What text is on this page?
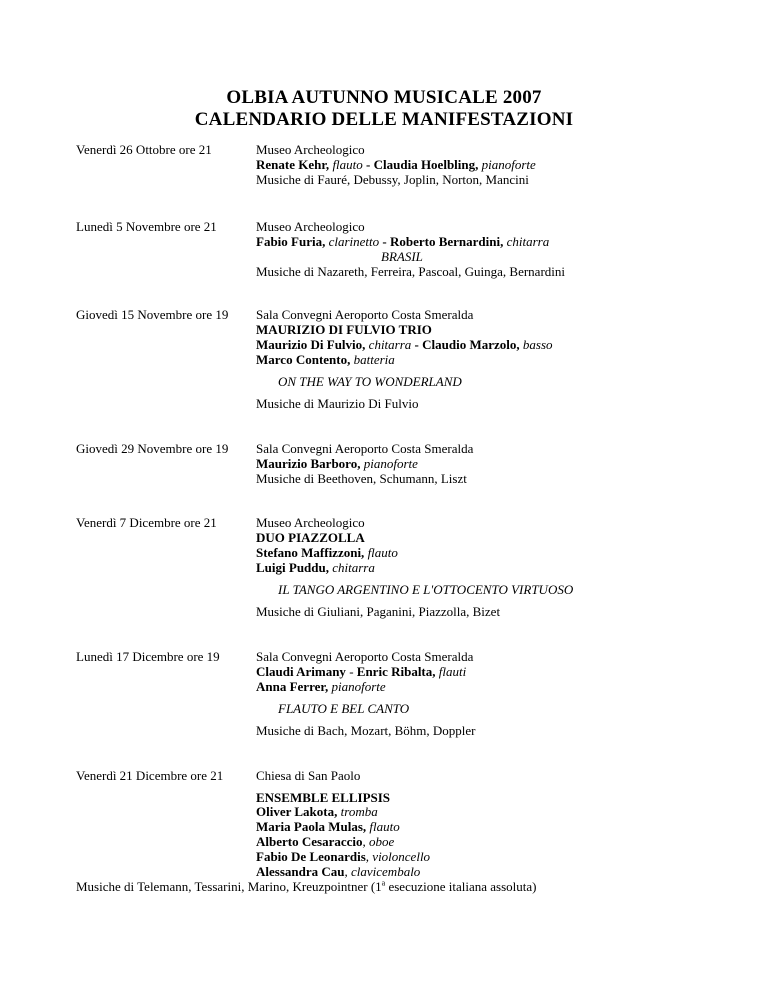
OLBIA AUTUNNO MUSICALE 2007
CALENDARIO DELLE MANIFESTAZIONI
Venerdì 26 Ottobre ore 21	Museo Archeologico
Renate Kehr, flauto - Claudia Hoelbling, pianoforte
Musiche di Fauré, Debussy, Joplin, Norton, Mancini
Lunedì 5 Novembre ore 21	Museo Archeologico
Fabio Furia, clarinetto - Roberto Bernardini, chitarra
BRASIL
Musiche di Nazareth, Ferreira, Pascoal, Guinga, Bernardini
Giovedì 15 Novembre ore 19 Sala Convegni Aeroporto Costa Smeralda
MAURIZIO DI FULVIO TRIO
Maurizio Di Fulvio, chitarra - Claudio Marzolo, basso
Marco Contento, batteria
ON THE WAY TO WONDERLAND
Musiche di Maurizio Di Fulvio
Giovedì 29 Novembre ore 19 Sala Convegni Aeroporto Costa Smeralda
Maurizio Barboro, pianoforte
Musiche di Beethoven, Schumann, Liszt
Venerdì 7 Dicembre ore 21	Museo Archeologico
DUO PIAZZOLLA
Stefano Maffizzoni, flauto
Luigi Puddu, chitarra
IL TANGO ARGENTINO E L'OTTOCENTO VIRTUOSO
Musiche di Giuliani, Paganini, Piazzolla, Bizet
Lunedì 17 Dicembre ore 19	Sala Convegni Aeroporto Costa Smeralda
Claudi Arimany - Enric Ribalta, flauti
Anna Ferrer, pianoforte
FLAUTO E BEL CANTO
Musiche di Bach, Mozart, Böhm, Doppler
Venerdì 21 Dicembre ore 21	Chiesa di San Paolo
ENSEMBLE ELLIPSIS
Oliver Lakota, tromba
Maria Paola Mulas, flauto
Alberto Cesaraccio, oboe
Fabio De Leonardis, violoncello
Alessandra Cau, clavicembalo
Musiche di Telemann, Tessarini, Marino, Kreuzpointner (1$^a$ esecuzione italiana assoluta)
